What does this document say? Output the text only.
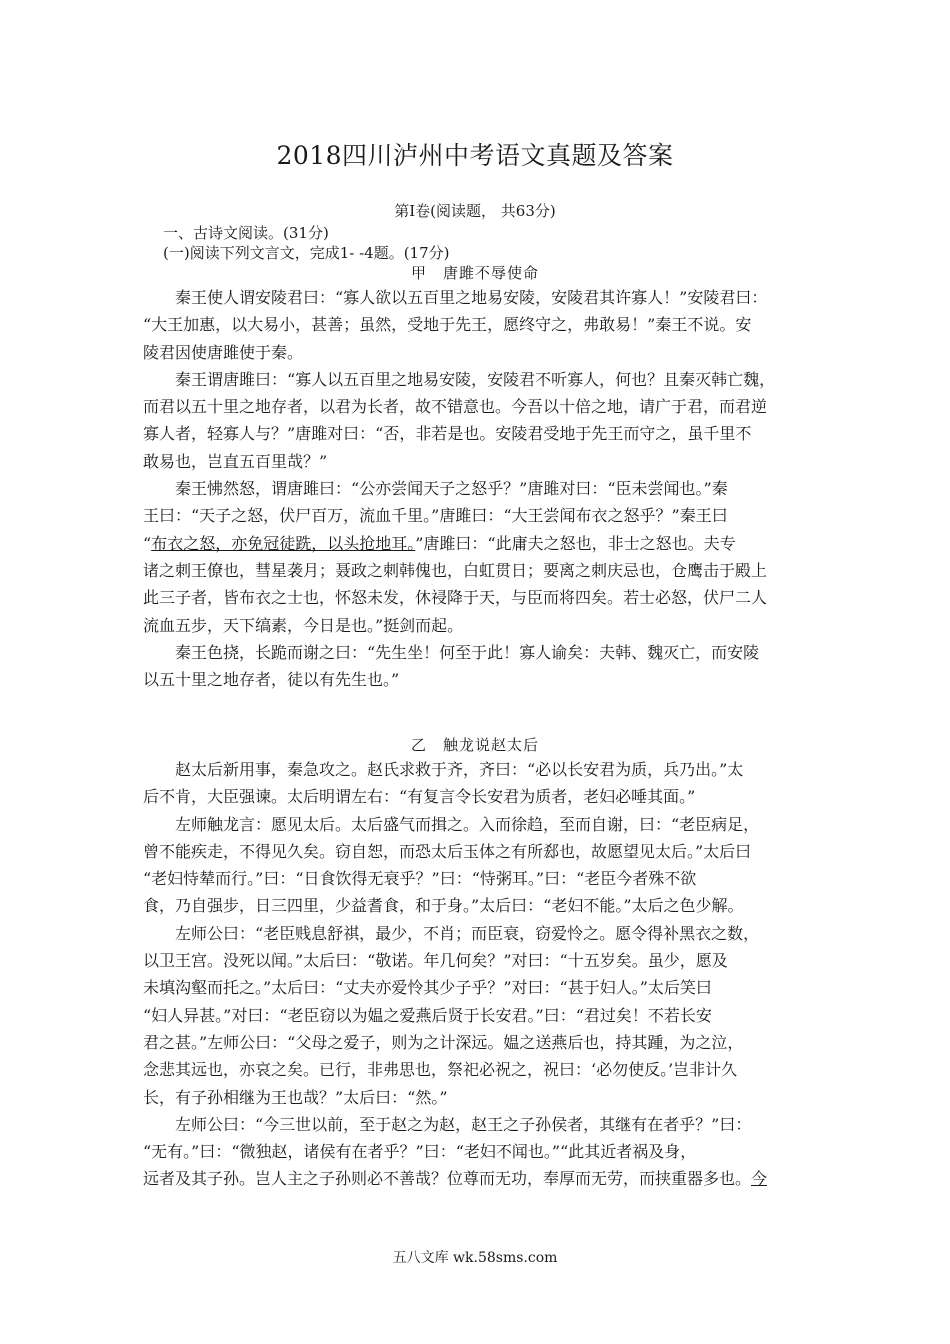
2018四川泸州中考语文真题及答案
第Ⅰ卷(阅读题， 共63分)
一、古诗文阅读。(31分)
(一)阅读下列文言文，完成1- -4题。(17分)
甲　唐雎不辱使命
秦王使人谓安陵君曰：“寡人欲以五百里之地易安陵，安陵君其许寡人！”安陵君曰：
“大王加惠，以大易小，甚善；虽然，受地于先王，愿终守之，弗敢易！”秦王不说。安
陵君因使唐雎使于秦。
秦王谓唐雎曰：“寡人以五百里之地易安陵，安陵君不听寡人，何也？且秦灭韩亡魏，
而君以五十里之地存者，以君为长者，故不错意也。今吾以十倍之地，请广于君，而君逆
寡人者，轻寡人与？”唐雎对曰：“否，非若是也。安陵君受地于先王而守之，虽千里不
敢易也，岂直五百里哉？”
秦王怫然怒，谓唐雎曰：“公亦尝闻天子之怒乎？”唐雎对曰：“臣未尝闻也。”秦
王曰：“天子之怒，伏尸百万，流血千里。”唐雎曰：“大王尝闻布衣之怒乎？”秦王曰
“布衣之怒，亦免冠徒跣，以头抢地耳。”唐雎曰：“此庸夫之怒也，非士之怒也。夫专
诸之刺王僚也，彗星袭月；聂政之刺韩傀也，白虹贯日；要离之刺庆忌也，仓鹰击于殿上
此三子者，皆布衣之士也，怀怒未发，休祲降于天，与臣而将四矣。若士必怒，伏尸二人
流血五步，天下缟素，今日是也。”挺剑而起。
秦王色挠，长跪而谢之曰：“先生坐！何至于此！寡人谕矣：夫韩、魏灭亡，而安陵
以五十里之地存者，徒以有先生也。”
乙　触龙说赵太后
赵太后新用事，秦急攻之。赵氏求救于齐，齐曰：“必以长安君为质，兵乃出。”太
后不肯，大臣强谏。太后明谓左右：“有复言令长安君为质者，老妇必唾其面。”
左师触龙言：愿见太后。太后盛气而揖之。入而徐趋，至而自谢，曰：“老臣病足，
曾不能疾走，不得见久矣。窃自恕，而恐太后玉体之有所郄也，故愿望见太后。”太后曰
“老妇恃辇而行。”曰：“日食饮得无衰乎？”曰：“恃粥耳。”曰：“老臣今者殊不欲
食，乃自强步，日三四里，少益耆食，和于身。”太后曰：“老妇不能。”太后之色少解。
左师公曰：“老臣贱息舒祺，最少，不肖；而臣衰，窃爱怜之。愿令得补黑衣之数，
以卫王宫。没死以闻。”太后曰：“敬诺。年几何矣？”对曰：“十五岁矣。虽少，愿及
未填沟壑而托之。”太后曰：“丈夫亦爱怜其少子乎？”对曰：“甚于妇人。”太后笑曰
“妇人异甚。”对曰：“老臣窃以为媪之爱燕后贤于长安君。”曰：“君过矣！不若长安
君之甚。”左师公曰：“父母之爱子，则为之计深远。媪之送燕后也，持其踵，为之泣，
念悲其远也，亦哀之矣。已行，非弗思也，祭祀必祝之，祝曰：‘必勿使反。’岂非计久
长，有子孙相继为王也哉？”太后曰：“然。”
左师公曰：“今三世以前，至于赵之为赵，赵王之子孙侯者，其继有在者乎？”曰：
“无有。”曰：“微独赵，诸侯有在者乎？”曰：“老妇不闻也。”“此其近者祸及身，
远者及其子孙。岂人主之子孙则必不善哉？位尊而无功，奉厚而无劳，而挟重器多也。今
五八文库 wk.58sms.com
